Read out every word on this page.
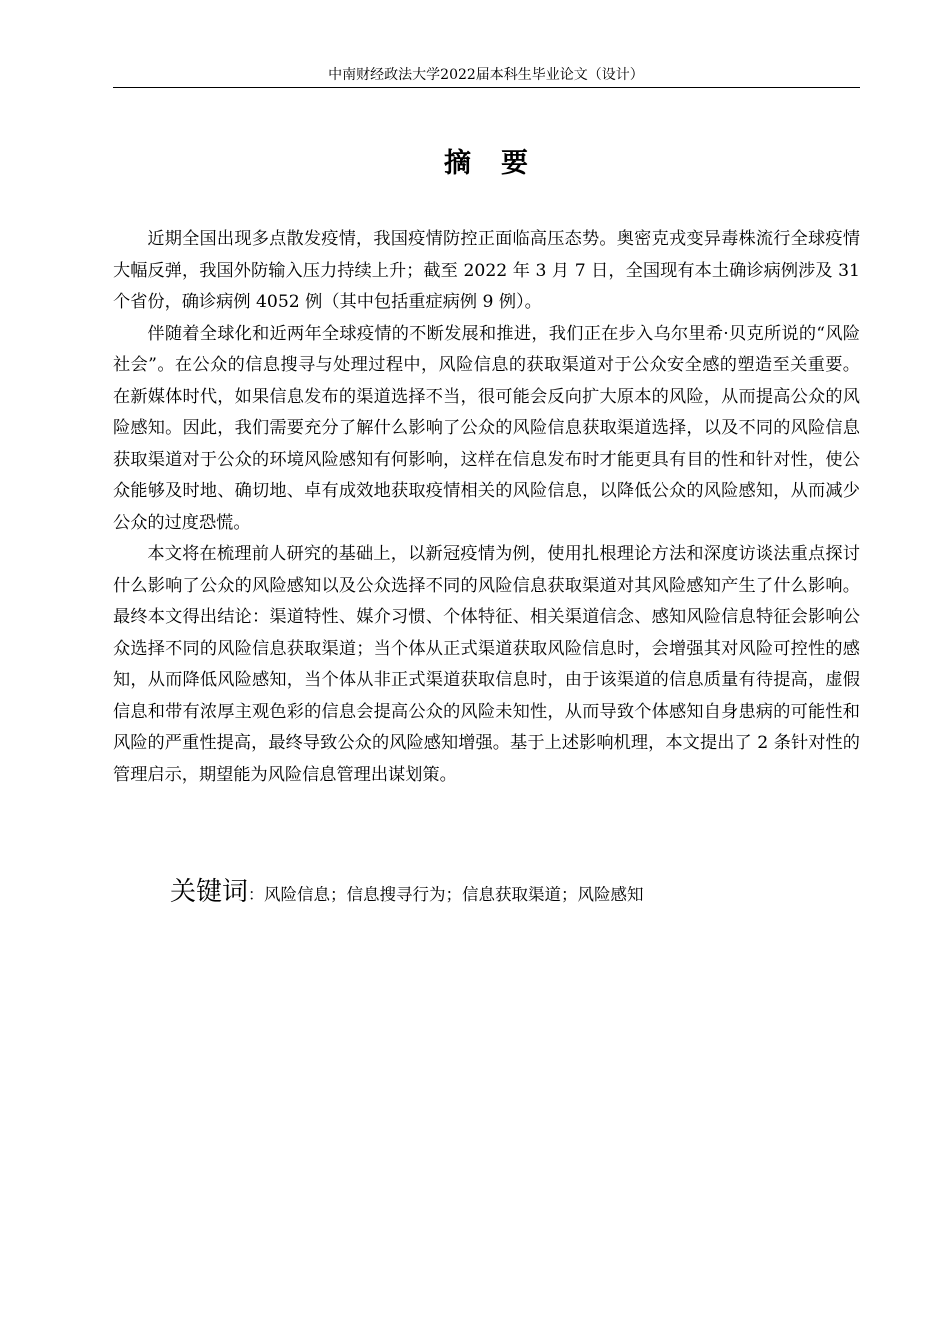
中南财经政法大学2022届本科生毕业论文（设计）
摘 要

近期全国出现多点散发疫情，我国疫情防控正面临高压态势。奥密克戎变异毒株流行全球疫情大幅反弹，我国外防输入压力持续上升；截至 2022 年 3 月 7 日，全国现有本土确诊病例涉及 31 个省份，确诊病例 4052 例（其中包括重症病例 9 例）。

伴随着全球化和近两年全球疫情的不断发展和推进，我们正在步入乌尔里希·贝克所说的“风险社会”。在公众的信息搜寻与处理过程中，风险信息的获取渠道对于公众安全感的塑造至关重要。在新媒体时代，如果信息发布的渠道选择不当，很可能会反向扩大原本的风险，从而提高公众的风险感知。因此，我们需要充分了解什么影响了公众的风险信息获取渠道选择，以及不同的风险信息获取渠道对于公众的环境风险感知有何影响，这样在信息发布时才能更具有目的性和针对性，使公众能够及时地、确切地、卓有成效地获取疫情相关的风险信息，以降低公众的风险感知，从而减少公众的过度恐慌。

本文将在梳理前人研究的基础上，以新冠疫情为例，使用扎根理论方法和深度访谈法重点探讨什么影响了公众的风险感知以及公众选择不同的风险信息获取渠道对其风险感知产生了什么影响。最终本文得出结论：渠道特性、媒介习惯、个体特征、相关渠道信念、感知风险信息特征会影响公众选择不同的风险信息获取渠道；当个体从正式渠道获取风险信息时，会增强其对风险可控性的感知，从而降低风险感知，当个体从非正式渠道获取信息时，由于该渠道的信息质量有待提高，虚假信息和带有浓厚主观色彩的信息会提高公众的风险未知性，从而导致个体感知自身患病的可能性和风险的严重性提高，最终导致公众的风险感知增强。基于上述影响机理，本文提出了 2 条针对性的管理启示，期望能为风险信息管理出谋划策。

关键词：风险信息；信息搜寻行为；信息获取渠道；风险感知
